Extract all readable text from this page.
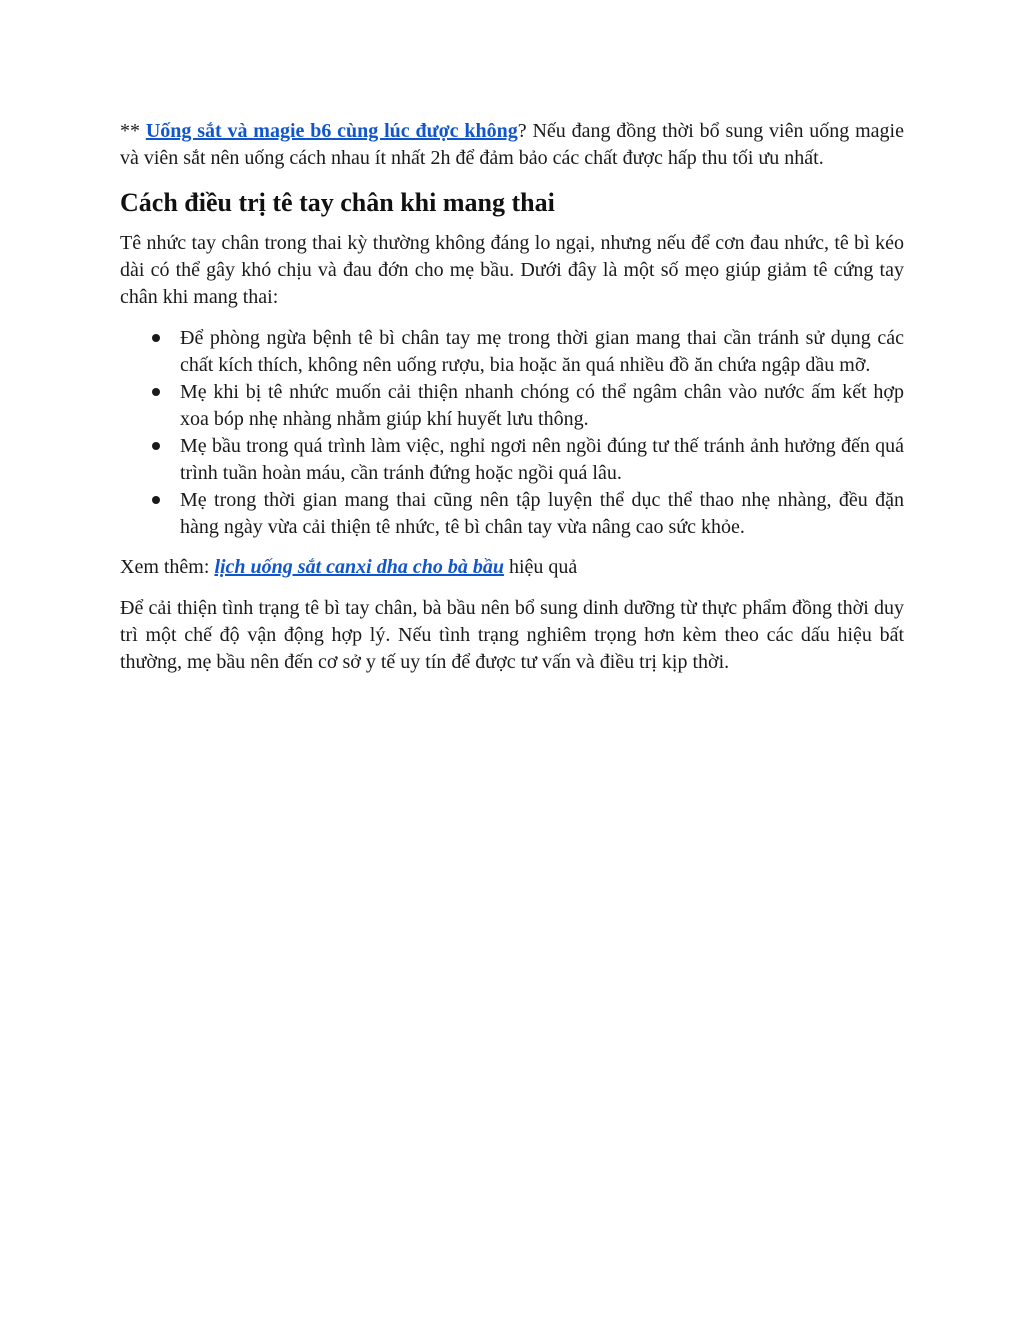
** Uống sắt và magie b6 cùng lúc được không? Nếu đang đồng thời bổ sung viên uống magie và viên sắt nên uống cách nhau ít nhất 2h để đảm bảo các chất được hấp thu tối ưu nhất.

Cách điều trị tê tay chân khi mang thai

Tê nhức tay chân trong thai kỳ thường không đáng lo ngại, nhưng nếu để cơn đau nhức, tê bì kéo dài có thể gây khó chịu và đau đớn cho mẹ bầu. Dưới đây là một số mẹo giúp giảm tê cứng tay chân khi mang thai:

Để phòng ngừa bệnh tê bì chân tay mẹ trong thời gian mang thai cần tránh sử dụng các chất kích thích, không nên uống rượu, bia hoặc ăn quá nhiều đồ ăn chứa ngập dầu mỡ.
Mẹ khi bị tê nhức muốn cải thiện nhanh chóng có thể ngâm chân vào nước ấm kết hợp xoa bóp nhẹ nhàng nhằm giúp khí huyết lưu thông.
Mẹ bầu trong quá trình làm việc, nghỉ ngơi nên ngồi đúng tư thế tránh ảnh hưởng đến quá trình tuần hoàn máu, cần tránh đứng hoặc ngồi quá lâu.
Mẹ trong thời gian mang thai cũng nên tập luyện thể dục thể thao nhẹ nhàng, đều đặn hàng ngày vừa cải thiện tê nhức, tê bì chân tay vừa nâng cao sức khỏe.

Xem thêm: lịch uống sắt canxi dha cho bà bầu hiệu quả

Để cải thiện tình trạng tê bì tay chân, bà bầu nên bổ sung dinh dưỡng từ thực phẩm đồng thời duy trì một chế độ vận động hợp lý. Nếu tình trạng nghiêm trọng hơn kèm theo các dấu hiệu bất thường, mẹ bầu nên đến cơ sở y tế uy tín để được tư vấn và điều trị kịp thời.
